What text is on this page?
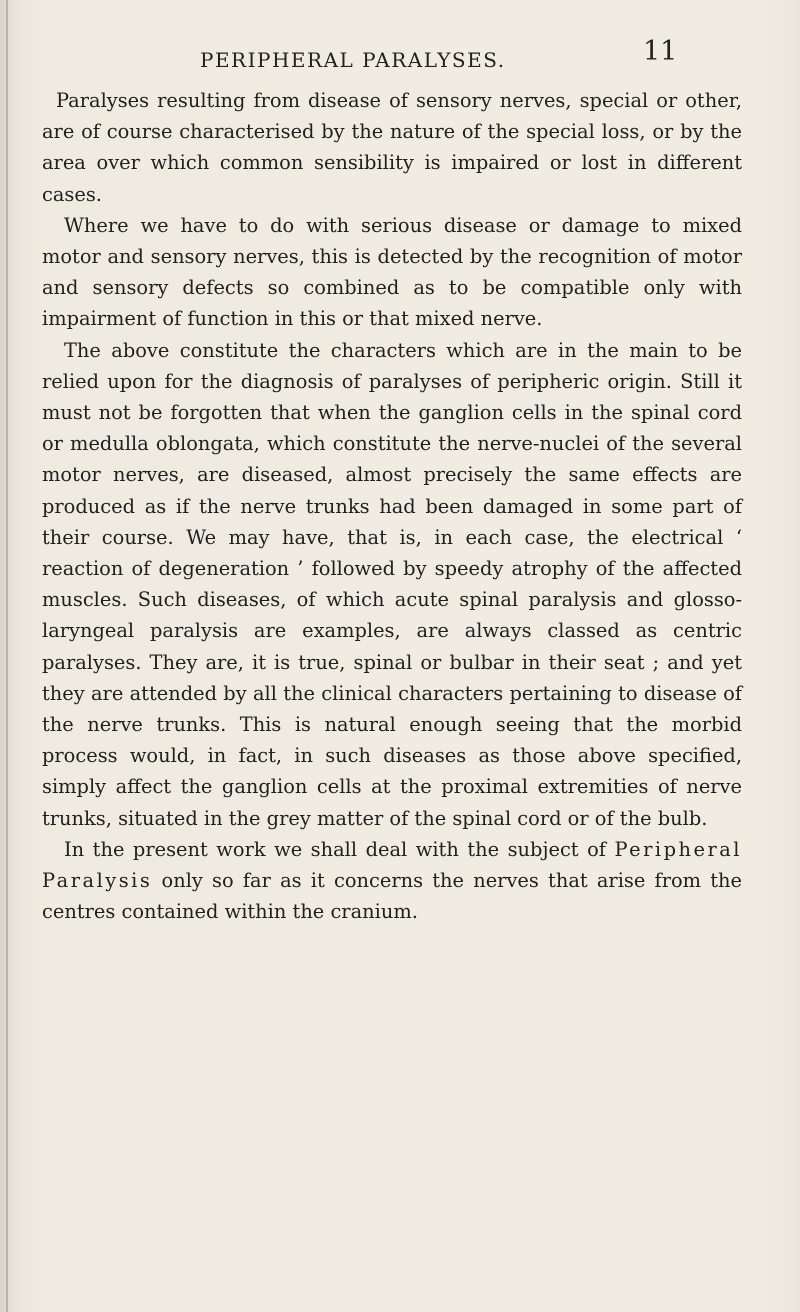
PERIPHERAL PARALYSES.	11

Paralyses resulting from disease of sensory nerves, special or other, are of course characterised by the nature of the special loss, or by the area over which common sensibility is impaired or lost in different cases.

Where we have to do with serious disease or damage to mixed motor and sensory nerves, this is detected by the recognition of motor and sensory defects so combined as to be compatible only with impairment of function in this or that mixed nerve.

The above constitute the characters which are in the main to be relied upon for the diagnosis of paralyses of peripheric origin. Still it must not be forgotten that when the ganglion cells in the spinal cord or medulla oblongata, which constitute the nerve-nuclei of the several motor nerves, are diseased, almost precisely the same effects are produced as if the nerve trunks had been damaged in some part of their course. We may have, that is, in each case, the electrical ‘ reaction of degeneration ’ followed by speedy atrophy of the affected muscles. Such diseases, of which acute spinal paralysis and glosso-laryngeal paralysis are examples, are always classed as centric paralyses. They are, it is true, spinal or bulbar in their seat ; and yet they are attended by all the clinical characters pertaining to disease of the nerve trunks. This is natural enough seeing that the morbid process would, in fact, in such diseases as those above specified, simply affect the ganglion cells at the proximal extremities of nerve trunks, situated in the grey matter of the spinal cord or of the bulb.

In the present work we shall deal with the subject of Peripheral Paralysis only so far as it concerns the nerves that arise from the centres contained within the cranium.
